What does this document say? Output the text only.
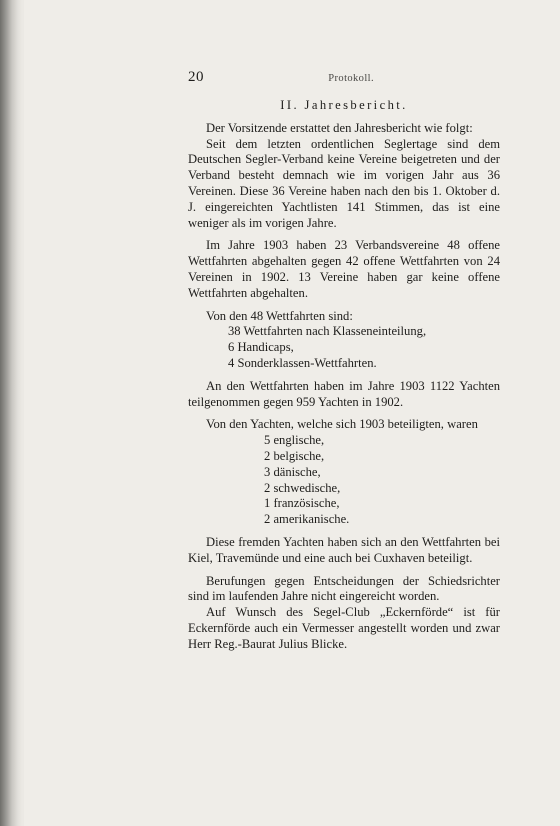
20	Protokoll.
II. Jahresbericht.

Der Vorsitzende erstattet den Jahresbericht wie folgt:

Seit dem letzten ordentlichen Seglertage sind dem Deutschen Segler-Verband keine Vereine beigetreten und der Verband besteht demnach wie im vorigen Jahr aus 36 Vereinen. Diese 36 Vereine haben nach den bis 1. Oktober d. J. eingereichten Yachtlisten 141 Stimmen, das ist eine weniger als im vorigen Jahre.

Im Jahre 1903 haben 23 Verbandsvereine 48 offene Wettfahrten abgehalten gegen 42 offene Wettfahrten von 24 Vereinen in 1902. 13 Vereine haben gar keine offene Wettfahrten abgehalten.

Von den 48 Wettfahrten sind:

38 Wettfahrten nach Klasseneinteilung,
6 Handicaps,
4 Sonderklassen-Wettfahrten.

An den Wettfahrten haben im Jahre 1903 1122 Yachten teilgenommen gegen 959 Yachten in 1902.

Von den Yachten, welche sich 1903 beteiligten, waren

5 englische,
2 belgische,
3 dänische,
2 schwedische,
1 französische,
2 amerikanische.

Diese fremden Yachten haben sich an den Wettfahrten bei Kiel, Travemünde und eine auch bei Cuxhaven beteiligt.

Berufungen gegen Entscheidungen der Schiedsrichter sind im laufenden Jahre nicht eingereicht worden.

Auf Wunsch des Segel-Club „Eckernförde“ ist für Eckernförde auch ein Vermesser angestellt worden und zwar Herr Reg.-Baurat Julius Blicke.
